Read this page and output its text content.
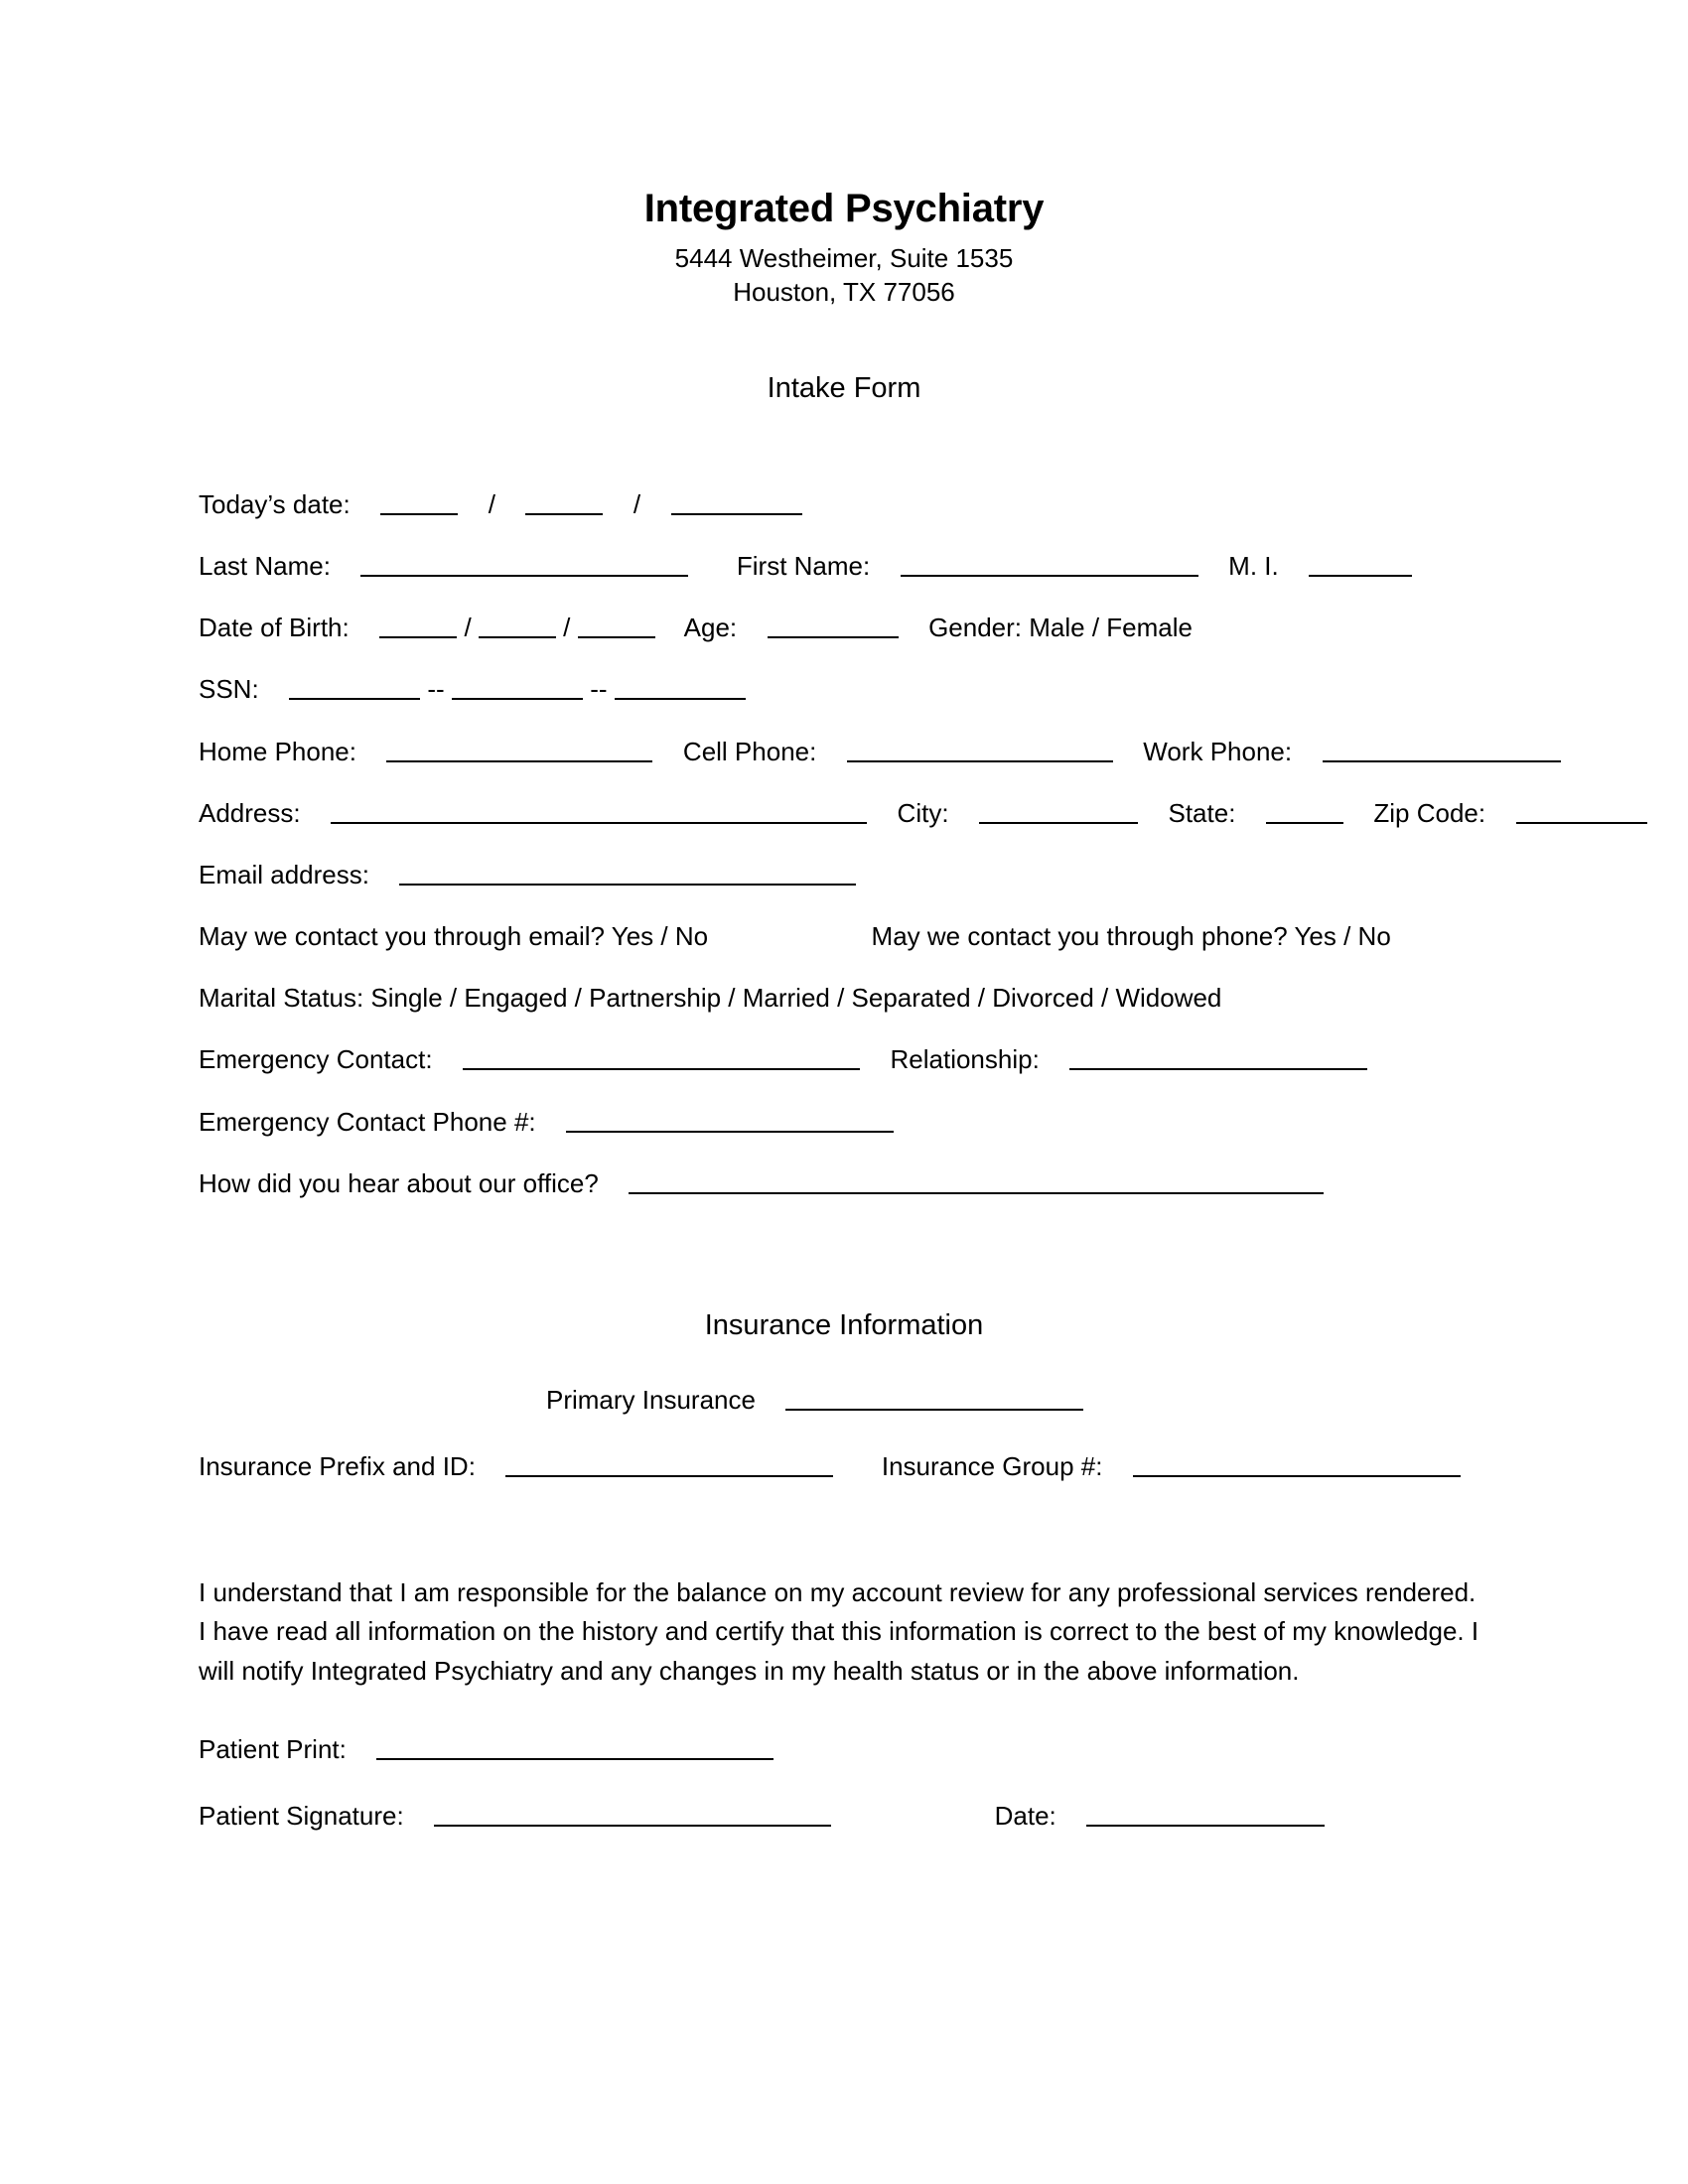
Integrated Psychiatry

5444 Westheimer, Suite 1535

Houston, TX 77056

Intake Form
Today’s date:	/	/
Last Name:	First Name:	M. I.
Date of Birth:	/	/	Age:	Gender: Male / Female
SSN:	--	--
Home Phone:	Cell Phone:	Work Phone:
Address:	City:	State:	Zip Code:
Email address:
May we contact you through email? Yes / No	May we contact you through phone? Yes / No
Marital Status: Single / Engaged / Partnership / Married / Separated / Divorced / Widowed
Emergency Contact:	Relationship:
Emergency Contact Phone #:
How did you hear about our office?
Insurance Information
Primary Insurance
Insurance Prefix and ID:	Insurance Group #:

I understand that I am responsible for the balance on my account review for any professional services rendered. I have read all information on the history and certify that this information is correct to the best of my knowledge. I will notify Integrated Psychiatry and any changes in my health status or in the above information.

Patient Print:
Patient Signature:	Date:
